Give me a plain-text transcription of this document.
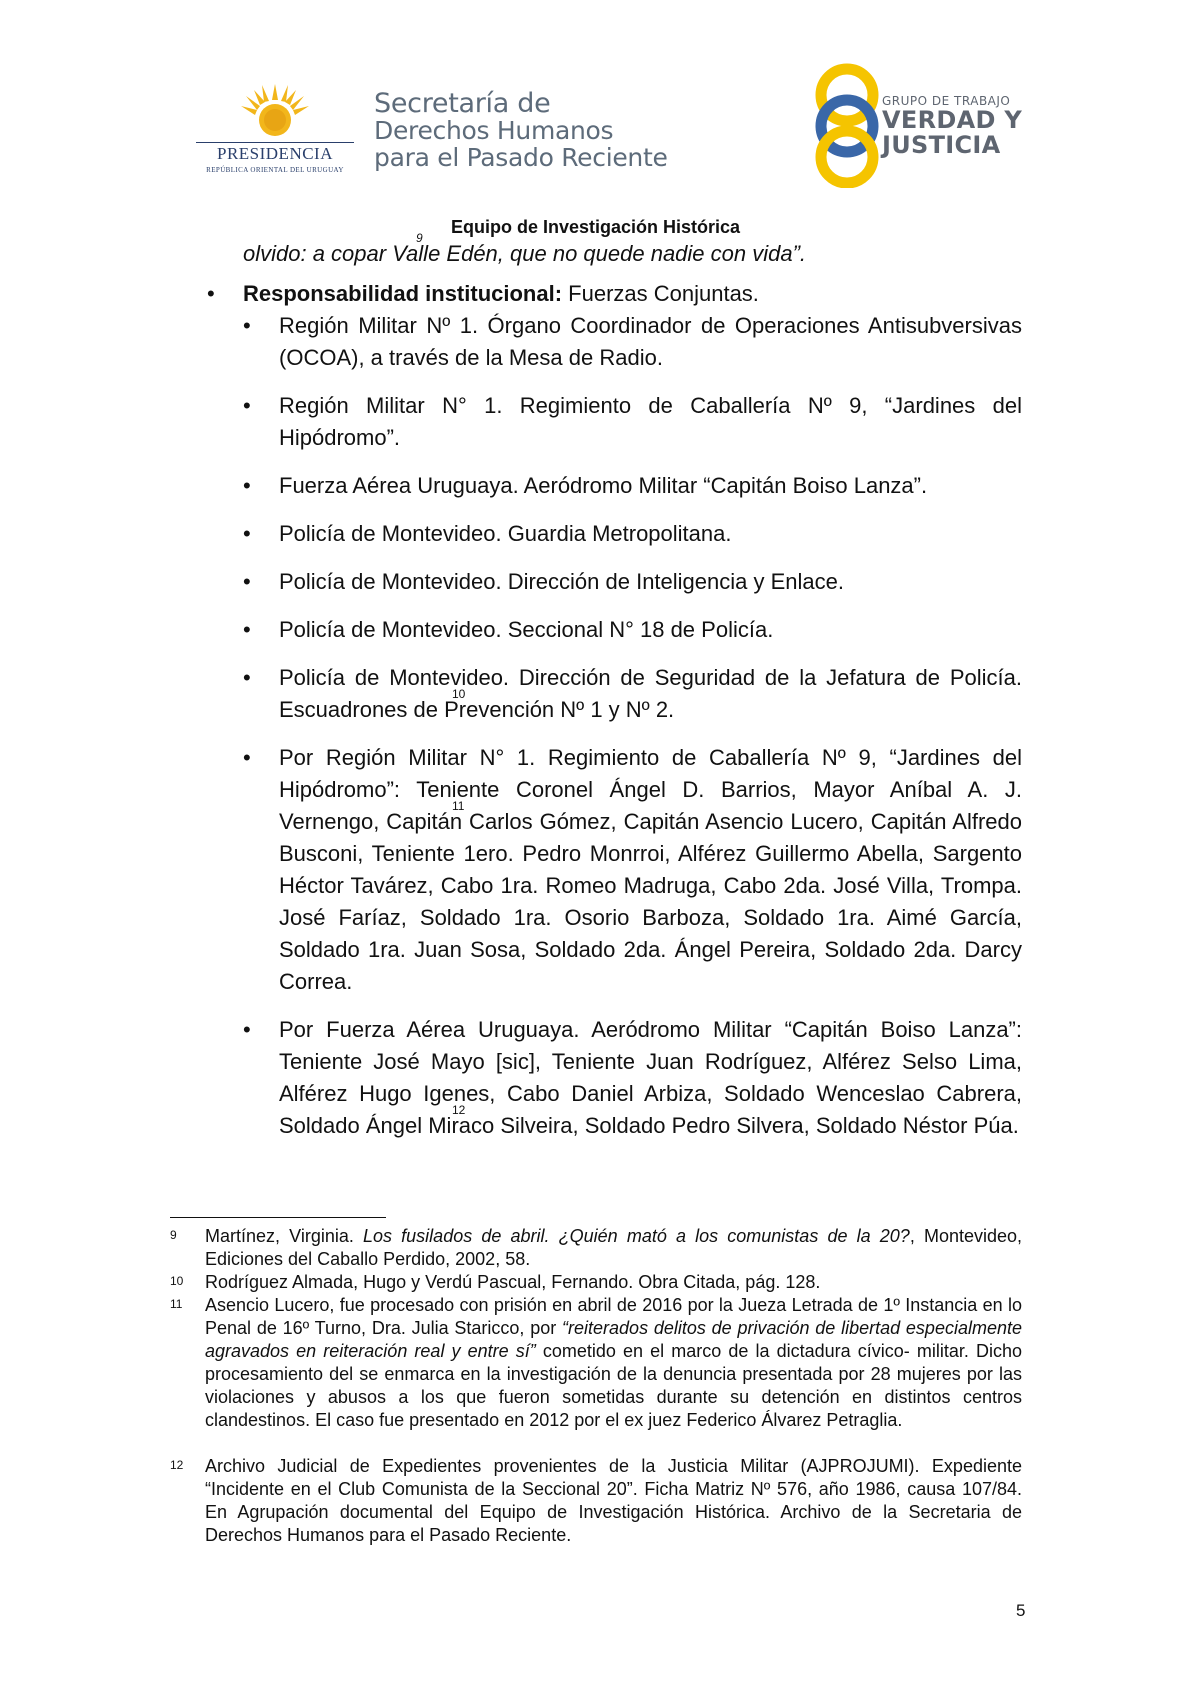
PRESIDENCIA
REPÚBLICA ORIENTAL DEL URUGUAY
Secretaría de
Derechos Humanos
para el Pasado Reciente
GRUPO DE TRABAJO
VERDAD Y
JUSTICIA
Equipo de Investigación Histórica
olvido: a copar Valle Edén, que no quede nadie con vida”.
9
• Responsabilidad institucional: Fuerzas Conjuntas.
• Región Militar Nº 1. Órgano Coordinador de Operaciones Antisubversivas (OCOA), a través de la Mesa de Radio.
• Región Militar N° 1. Regimiento de Caballería Nº 9, “Jardines del Hipódromo”.
• Fuerza Aérea Uruguaya. Aeródromo Militar “Capitán Boiso Lanza”.
• Policía de Montevideo. Guardia Metropolitana.
• Policía de Montevideo. Dirección de Inteligencia y Enlace.
• Policía de Montevideo. Seccional N° 18 de Policía.
• Policía de Montevideo. Dirección de Seguridad de la Jefatura de Policía. Escuadrones de Prevención Nº 1 y Nº 2.
10
• Por Región Militar N° 1. Regimiento de Caballería Nº 9, “Jardines del Hipódromo”: Teniente Coronel Ángel D. Barrios, Mayor Aníbal A. J. Vernengo, Capitán Carlos Gómez, Capitán Asencio Lucero
11
, Capitán Alfredo Busconi, Teniente 1ero. Pedro Monrroi, Alférez Guillermo Abella, Sargento Héctor Tavárez, Cabo 1ra. Romeo Madruga, Cabo 2da. José Villa, Trompa. José Faríaz, Soldado 1ra. Osorio Barboza, Soldado 1ra. Aimé García, Soldado 1ra. Juan Sosa, Soldado 2da. Ángel Pereira, Soldado 2da. Darcy Correa.
• Por Fuerza Aérea Uruguaya. Aeródromo Militar “Capitán Boiso Lanza”: Teniente José Mayo [sic], Teniente Juan Rodríguez, Alférez Selso Lima, Alférez Hugo Igenes, Cabo Daniel Arbiza, Soldado Wenceslao Cabrera, Soldado Ángel Miraco Silveira, Soldado Pedro Silvera, Soldado Néstor Púa.
12
9 Martínez, Virginia. Los fusilados de abril. ¿Quién mató a los comunistas de la 20?, Montevideo, Ediciones del Caballo Perdido, 2002, 58.
10 Rodríguez Almada, Hugo y Verdú Pascual, Fernando. Obra Citada, pág. 128.
11 Asencio Lucero, fue procesado con prisión en abril de 2016 por la Jueza Letrada de 1º Instancia en lo Penal de 16º Turno, Dra. Julia Staricco, por “reiterados delitos de privación de libertad especialmente agravados en reiteración real y entre sí” cometido en el marco de la dictadura cívico- militar. Dicho procesamiento del se enmarca en la investigación de la denuncia presentada por 28 mujeres por las violaciones y abusos a los que fueron sometidas durante su detención en distintos centros clandestinos. El caso fue presentado en 2012 por el ex juez Federico Álvarez Petraglia.
12 Archivo Judicial de Expedientes provenientes de la Justicia Militar (AJPROJUMI). Expediente “Incidente en el Club Comunista de la Seccional 20”. Ficha Matriz Nº 576, año 1986, causa 107/84. En Agrupación documental del Equipo de Investigación Histórica. Archivo de la Secretaria de Derechos Humanos para el Pasado Reciente.
5
